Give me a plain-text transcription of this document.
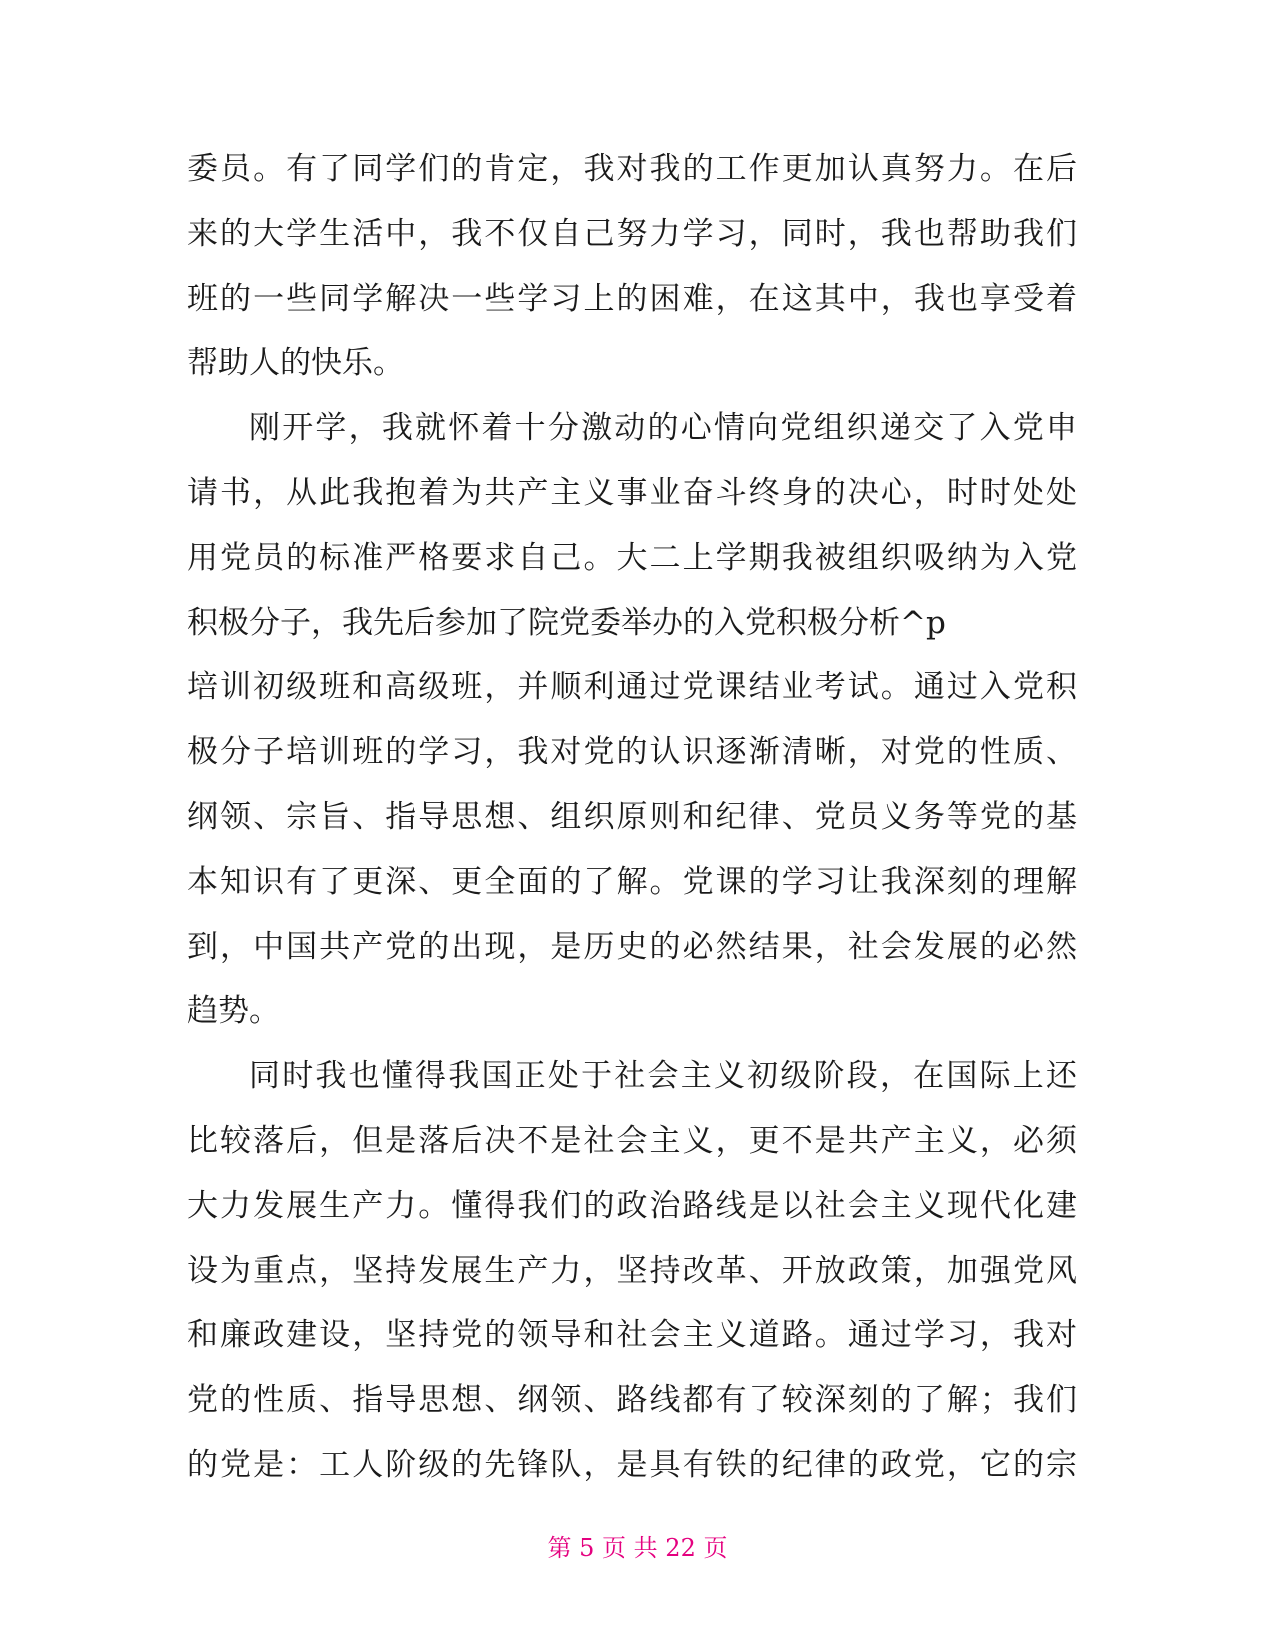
委员。有了同学们的肯定，我对我的工作更加认真努力。在后
来的大学生活中，我不仅自己努力学习，同时，我也帮助我们
班的一些同学解决一些学习上的困难，在这其中，我也享受着
帮助人的快乐。
刚开学，我就怀着十分激动的心情向党组织递交了入党申
请书，从此我抱着为共产主义事业奋斗终身的决心，时时处处
用党员的标准严格要求自己。大二上学期我被组织吸纳为入党
积极分子，我先后参加了院党委举办的入党积极分析^p
培训初级班和高级班，并顺利通过党课结业考试。通过入党积
极分子培训班的学习，我对党的认识逐渐清晰，对党的性质、
纲领、宗旨、指导思想、组织原则和纪律、党员义务等党的基
本知识有了更深、更全面的了解。党课的学习让我深刻的理解
到，中国共产党的出现，是历史的必然结果，社会发展的必然
趋势。
同时我也懂得我国正处于社会主义初级阶段，在国际上还
比较落后，但是落后决不是社会主义，更不是共产主义，必须
大力发展生产力。懂得我们的政治路线是以社会主义现代化建
设为重点，坚持发展生产力，坚持改革、开放政策，加强党风
和廉政建设，坚持党的领导和社会主义道路。通过学习，我对
党的性质、指导思想、纲领、路线都有了较深刻的了解；我们
的党是：工人阶级的先锋队，是具有铁的纪律的政党，它的宗
第 5 页 共 22 页
